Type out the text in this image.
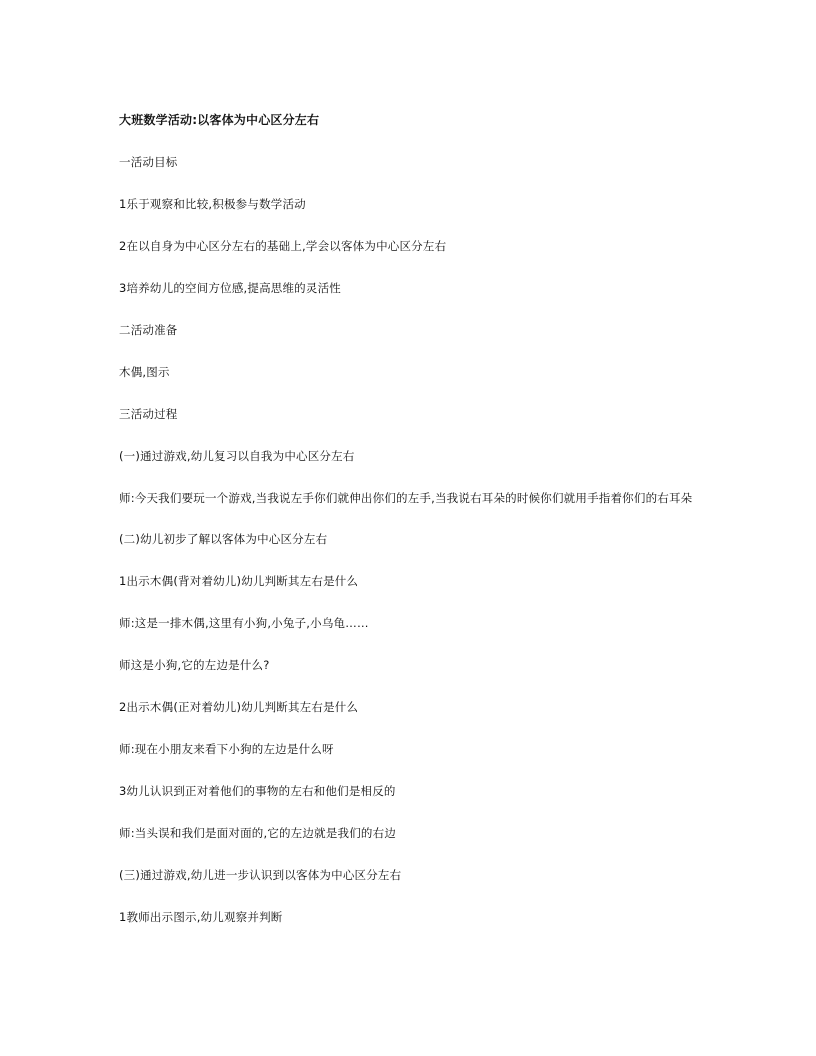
大班数学活动:以客体为中心区分左右

一活动目标

1乐于观察和比较,积极参与数学活动

2在以自身为中心区分左右的基础上,学会以客体为中心区分左右

3培养幼儿的空间方位感,提高思维的灵活性

二活动准备

木偶,图示

三活动过程

(一)通过游戏,幼儿复习以自我为中心区分左右

师:今天我们要玩一个游戏,当我说左手你们就伸出你们的左手,当我说右耳朵的时候你们就用手指着你们的右耳朵

(二)幼儿初步了解以客体为中心区分左右

1出示木偶(背对着幼儿)幼儿判断其左右是什么

师:这是一排木偶,这里有小狗,小兔子,小乌龟……

师这是小狗,它的左边是什么?

2出示木偶(正对着幼儿)幼儿判断其左右是什么

师:现在小朋友来看下小狗的左边是什么呀

3幼儿认识到正对着他们的事物的左右和他们是相反的

师:当头误和我们是面对面的,它的左边就是我们的右边

(三)通过游戏,幼儿进一步认识到以客体为中心区分左右

1教师出示图示,幼儿观察并判断
